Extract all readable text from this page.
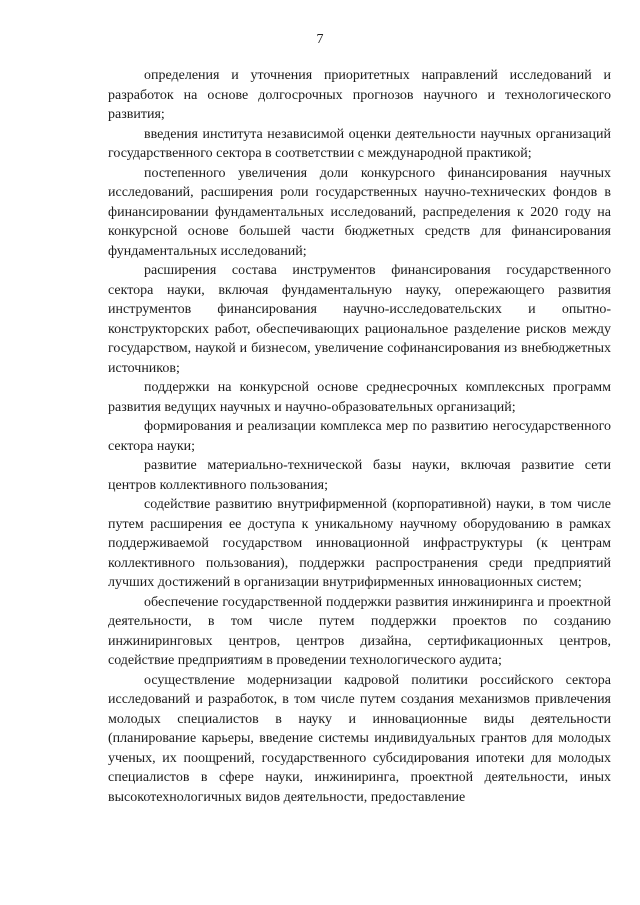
7

определения и уточнения приоритетных направлений исследований и разработок на основе долгосрочных прогнозов научного и технологического развития;

введения института независимой оценки деятельности научных организаций государственного сектора в соответствии с международной практикой;

постепенного увеличения доли конкурсного финансирования научных исследований, расширения роли государственных научно-технических фондов в финансировании фундаментальных исследований, распределения к 2020 году на конкурсной основе большей части бюджетных средств для финансирования фундаментальных исследований;

расширения состава инструментов финансирования государственного сектора науки, включая фундаментальную науку, опережающего развития инструментов финансирования научно-исследовательских и опытно-конструкторских работ, обеспечивающих рациональное разделение рисков между государством, наукой и бизнесом, увеличение софинансирования из внебюджетных источников;

поддержки на конкурсной основе среднесрочных комплексных программ развития ведущих научных и научно-образовательных организаций;

формирования и реализации комплекса мер по развитию негосударственного сектора науки;

развитие материально-технической базы науки, включая развитие сети центров коллективного пользования;

содействие развитию внутрифирменной (корпоративной) науки, в том числе путем расширения ее доступа к уникальному научному оборудованию в рамках поддерживаемой государством инновационной инфраструктуры (к центрам коллективного пользования), поддержки распространения среди предприятий лучших достижений в организации внутрифирменных инновационных систем;

обеспечение государственной поддержки развития инжиниринга и проектной деятельности, в том числе путем поддержки проектов по созданию инжиниринговых центров, центров дизайна, сертификационных центров, содействие предприятиям в проведении технологического аудита;

осуществление модернизации кадровой политики российского сектора исследований и разработок, в том числе путем создания механизмов привлечения молодых специалистов в науку и инновационные виды деятельности (планирование карьеры, введение системы индивидуальных грантов для молодых ученых, их поощрений, государственного субсидирования ипотеки для молодых специалистов в сфере науки, инжиниринга, проектной деятельности, иных высокотехнологичных видов деятельности, предоставление
